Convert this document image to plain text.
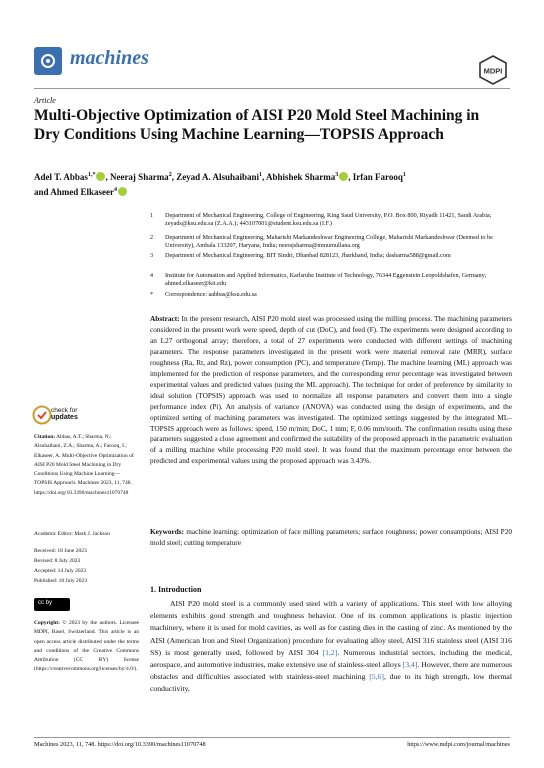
machines
MDPI
Article
Multi-Objective Optimization of AISI P20 Mold Steel Machining in Dry Conditions Using Machine Learning—TOPSIS Approach
Adel T. Abbas$^{1,*}$ , Neeraj Sharma$^2$, Zeyad A. Alsuhaibani$^1$, Abhishek Sharma$^3$ , Irfan Farooq$^1$
and Ahmed Elkaseer$^4$
1 Department of Mechanical Engineering, College of Engineering, King Saud University, P.O. Box 800, Riyadh 11421, Saudi Arabia; zeyads@ksu.edu.sa (Z.A.A.); 443107001@student.ksu.edu.sa (I.F.)
2 Department of Mechanical Engineering, Maharishi Markandeshwar Engineering College, Maharishi Markandeshwar (Deemed to be University), Ambala 133207, Haryana, India; neerajsharma@mmumullana.org
3 Department of Mechanical Engineering, BIT Sindri, Dhanbad 828123, Jharkhand, India; dasharma588@gmail.com
4 Institute for Automation and Applied Informatics, Karlsruhe Institute of Technology, 76344 Eggenstein Leopoldshafen, Germany; ahmed.elkaseer@kit.edu
* Correspondence: aabbas@ksu.edu.sa
Abstract: In the present research, AISI P20 mold steel was processed using the milling process. The machining parameters considered in the present work were speed, depth of cut (DoC), and feed (F). The experiments were designed according to an L27 orthogonal array; therefore, a total of 27 experiments were conducted with different settings of machining parameters. The response parameters investigated in the present work were material removal rate (MRR), surface roughness (Ra, Rt, and Rz), power consumption (PC), and temperature (Temp). The machine learning (ML) approach was implemented for the prediction of response parameters, and the corresponding error percentage was investigated between experimental values and predicted values (using the ML approach). The technique for order of preference by similarity to ideal solution (TOPSIS) approach was used to normalize all response parameters and convert them into a single performance index (Pi). An analysis of variance (ANOVA) was conducted using the design of experiments, and the optimized setting of machining parameters was investigated. The optimized settings suggested by the integrated ML–TOPSIS approach were as follows: speed, 150 m/min; DoC, 1 mm; F, 0.06 mm/tooth. The confirmation results using these parameters suggested a close agreement and confirmed the suitability of the proposed approach in the parametric evaluation of a milling machine while processing P20 mold steel. It was found that the maximum percentage error between the predicted and experimental values using the proposed approach was 3.43%.
Keywords: machine learning; optimization of face milling parameters; surface roughness; power consumptions; AISI P20 mold steel; cutting temperature
check for
updates
Citation: Abbas, A.T.; Sharma, N.; Alsuhaibani, Z.A.; Sharma, A.; Farooq, I.; Elkaseer, A. Multi-Objective Optimization of AISI P20 Mold Steel Machining in Dry Conditions Using Machine Learning—TOPSIS Approach. Machines 2023, 11, 748. https://doi.org/10.3390/machines11070748
Academic Editor: Mark J. Jackson
Received: 18 June 2023
Revised: 8 July 2023
Accepted: 14 July 2023
Published: 18 July 2023
cc by
Copyright: © 2023 by the authors. Licensee MDPI, Basel, Switzerland. This article is an open access article distributed under the terms and conditions of the Creative Commons Attribution (CC BY) license (https://creativecommons.org/licenses/by/4.0/).
1. Introduction
AISI P20 mold steel is a commonly used steel with a variety of applications. This steel with low alloying elements exhibits good strength and toughness behavior. One of its common applications is plastic injection machinery, where it is used for mold cavities, as well as for casting dies in the casting of zinc. As mentioned by the AISI (American Iron and Steel Organization) procedure for evaluating alloy steel, AISI 316 stainless steel (AISI 316 SS) is most generally used, followed by AISI 304 [1,2]. Numerous industrial sectors, including the medical, aerospace, and automotive industries, make extensive use of stainless-steel alloys [3,4]. However, there are numerous obstacles and difficulties associated with stainless-steel machining [5,6], due to its high strength, low thermal conductivity,
Machines 2023, 11, 748. https://doi.org/10.3390/machines11070748	https://www.mdpi.com/journal/machines
